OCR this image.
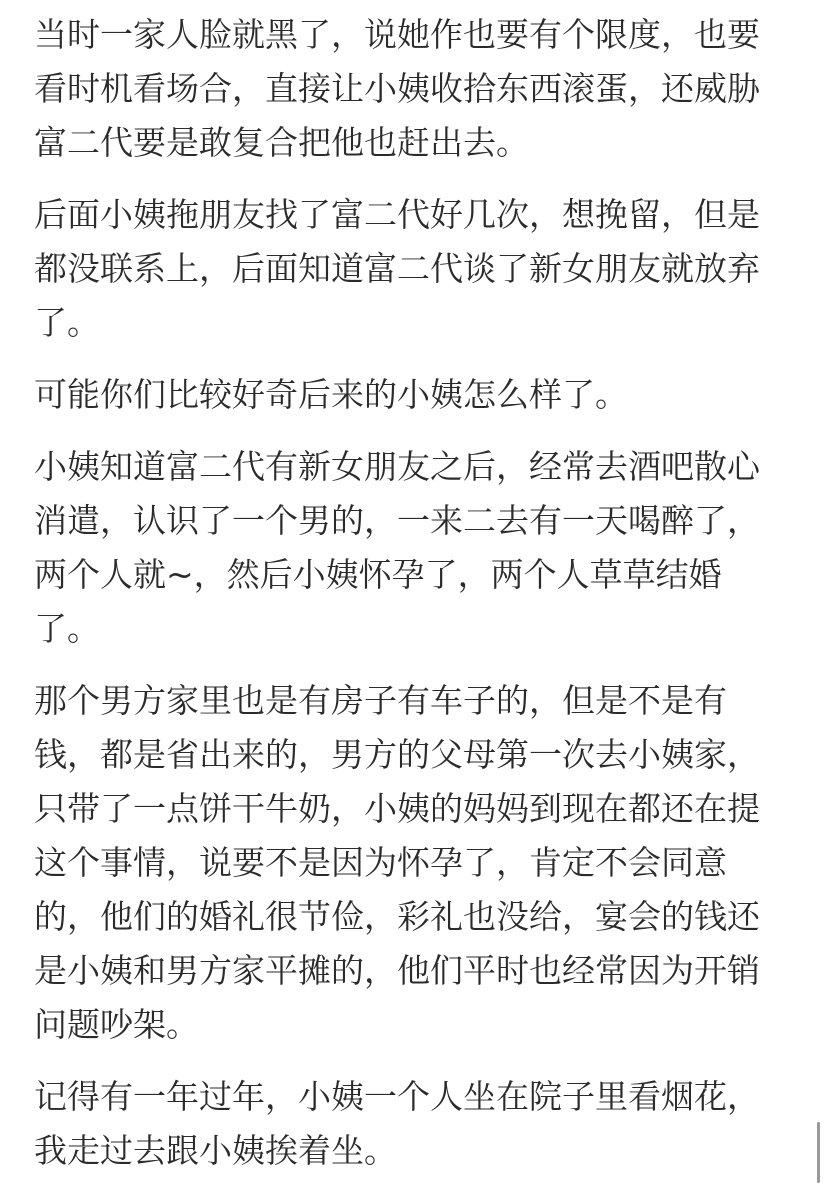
当时一家人脸就黑了，说她作也要有个限度，也要
看时机看场合，直接让小姨收拾东西滚蛋，还威胁
富二代要是敢复合把他也赶出去。

后面小姨拖朋友找了富二代好几次，想挽留，但是
都没联系上，后面知道富二代谈了新女朋友就放弃
了。

可能你们比较好奇后来的小姨怎么样了。

小姨知道富二代有新女朋友之后，经常去酒吧散心
消遣，认识了一个男的，一来二去有一天喝醉了，
两个人就~，然后小姨怀孕了，两个人草草结婚
了。

那个男方家里也是有房子有车子的，但是不是有
钱，都是省出来的，男方的父母第一次去小姨家，
只带了一点饼干牛奶，小姨的妈妈到现在都还在提
这个事情，说要不是因为怀孕了，肯定不会同意
的，他们的婚礼很节俭，彩礼也没给，宴会的钱还
是小姨和男方家平摊的，他们平时也经常因为开销
问题吵架。

记得有一年过年，小姨一个人坐在院子里看烟花，
我走过去跟小姨挨着坐。
